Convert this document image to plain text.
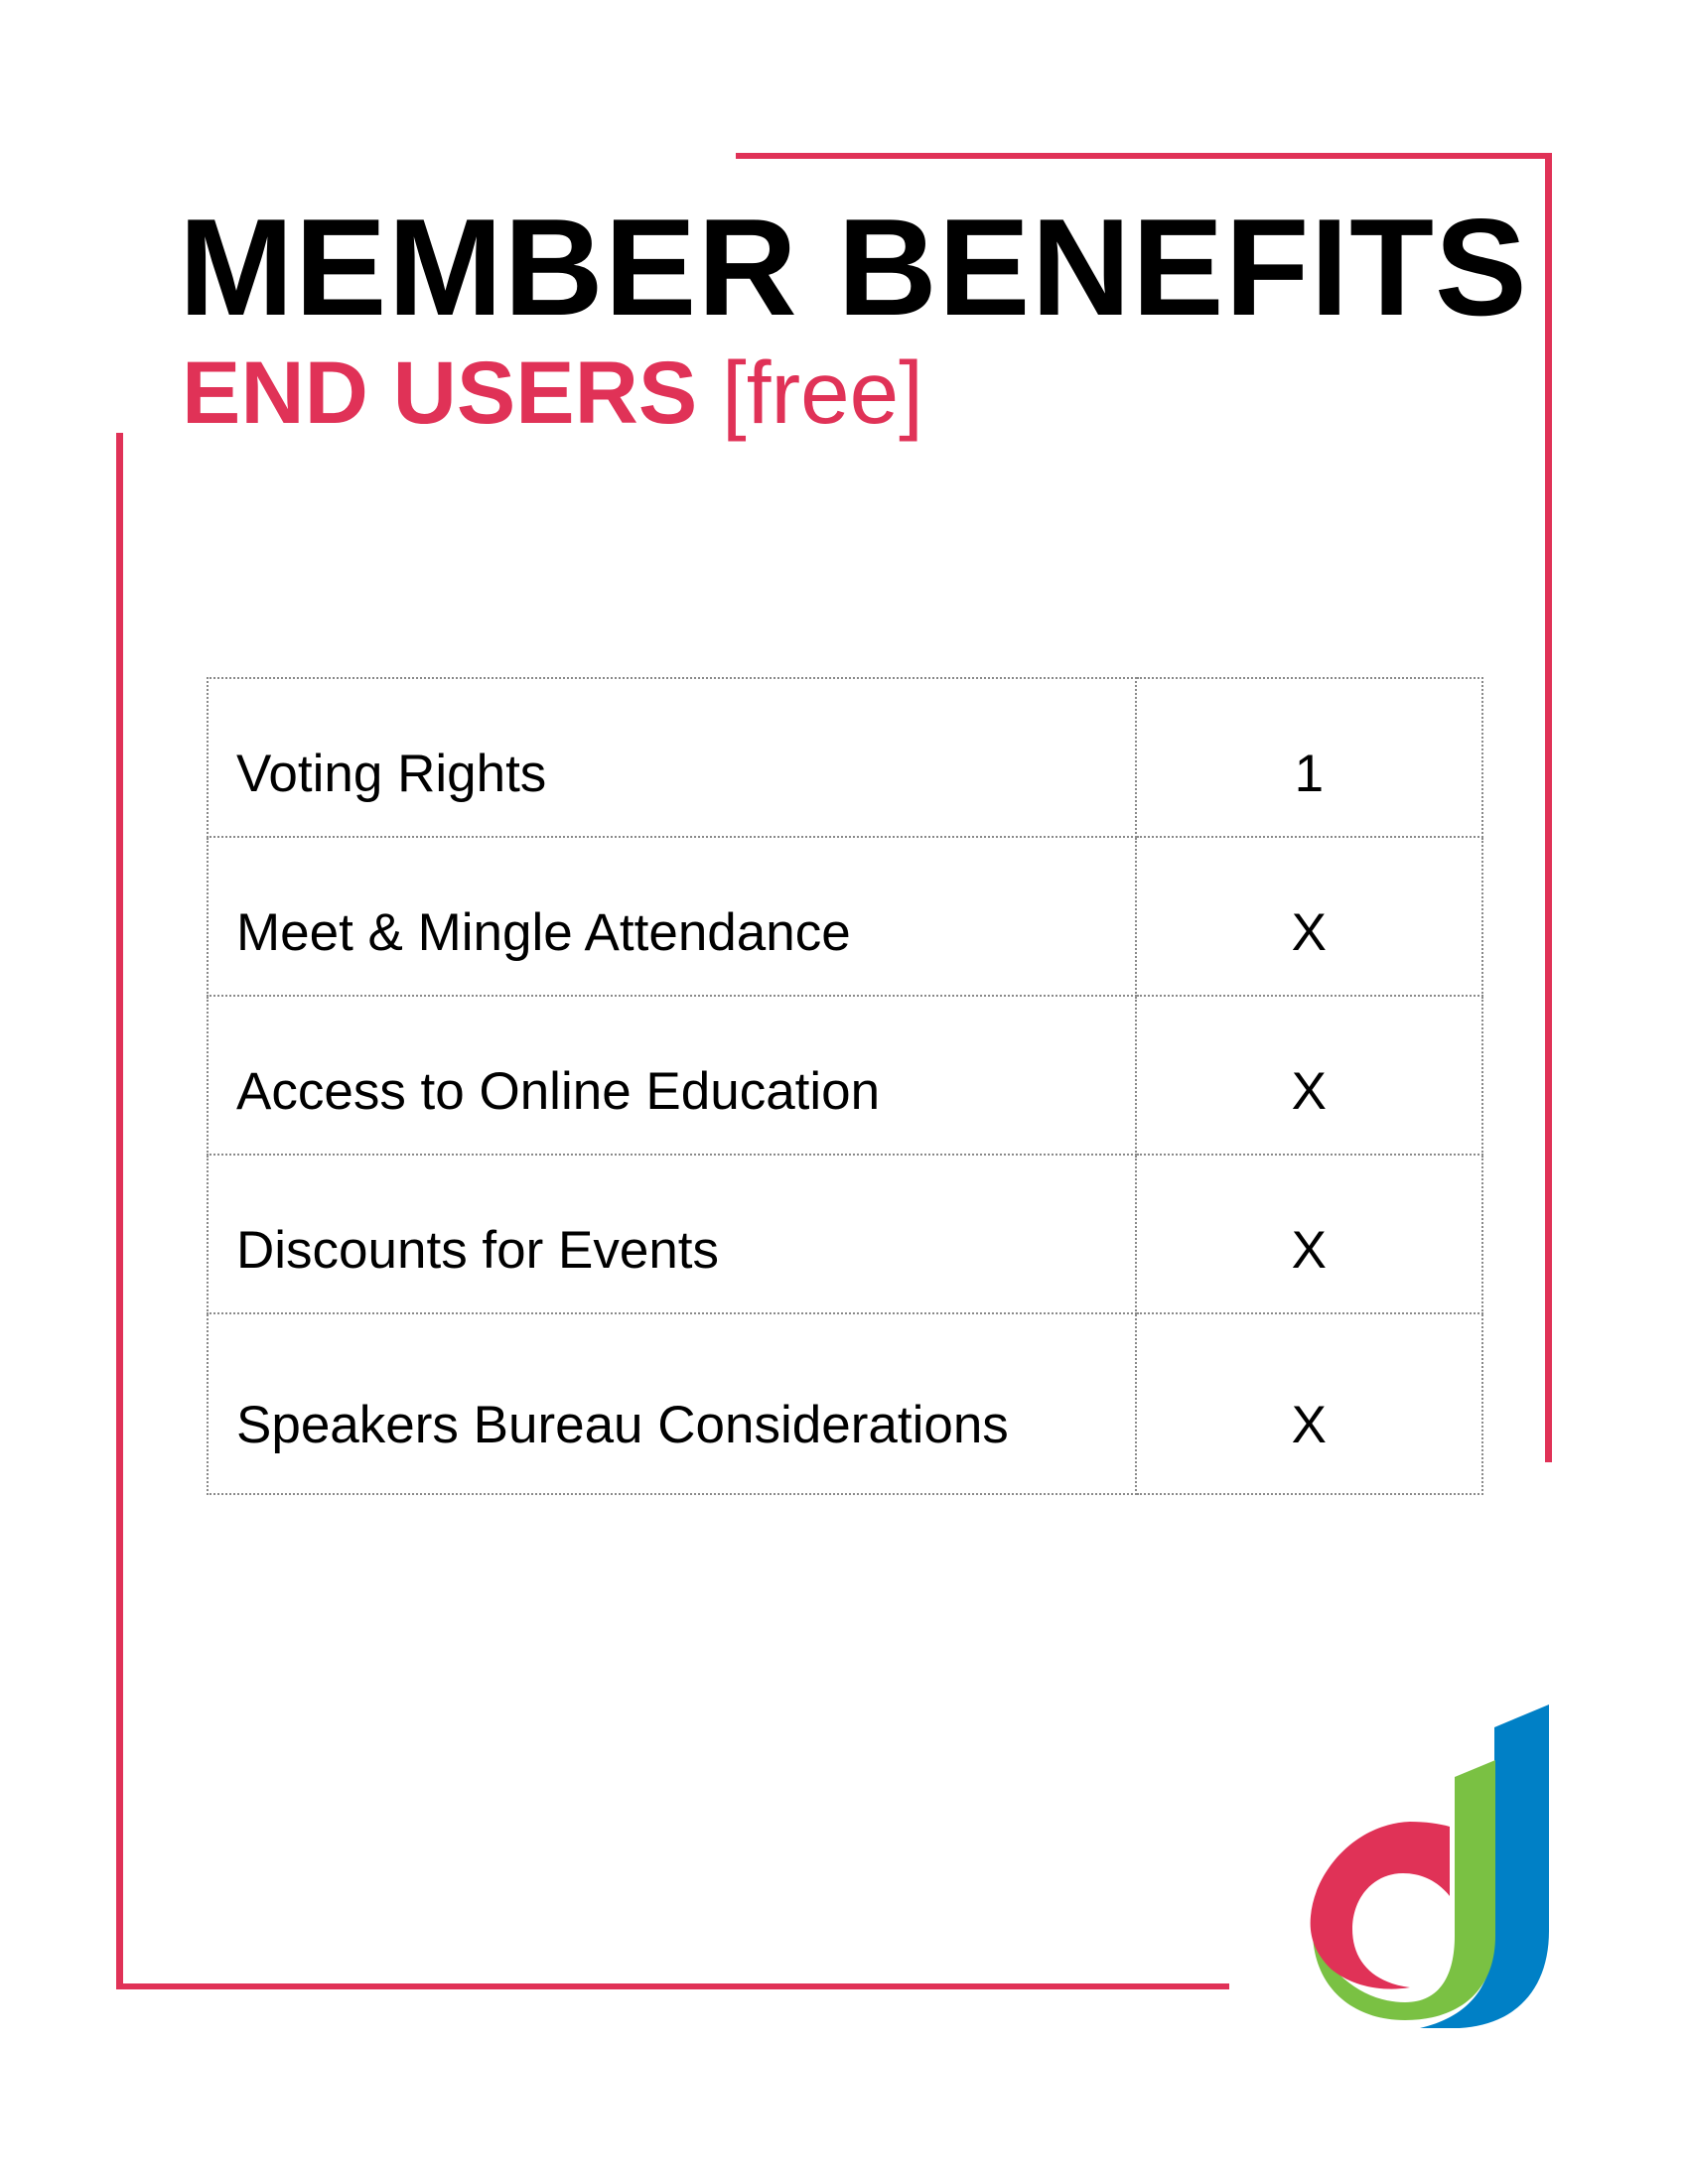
MEMBER BENEFITS
END USERS [free]
Voting Rights	1
Meet & Mingle Attendance	X
Access to Online Education	X
Discounts for Events	X
Speakers Bureau Considerations	X
